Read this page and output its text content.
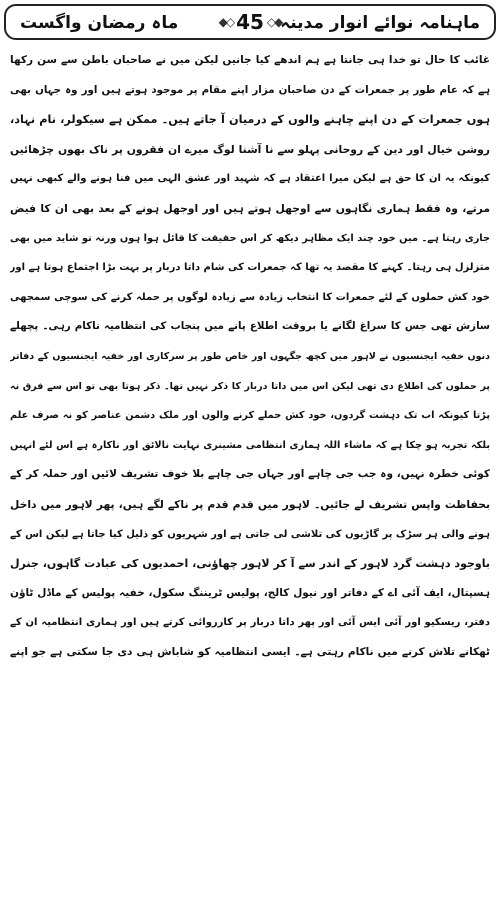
ماہ رمضان واگست	◆◇ 45 ◇◆
ماہنامہ نوائے انوار مدینہ
غائب کا حال تو خدا ہی جانتا ہے ہم اندھے کیا جانیں لیکن میں نے صاحبان باطن سے سن رکھا
ہے کہ عام طور پر جمعرات کے دن صاحبان مزار اپنے مقام پر موجود ہوتے ہیں اور وہ جہاں بھی
ہوں جمعرات کے دن اپنے چاہنے والوں کے درمیان آ جاتے ہیں۔ ممکن ہے سیکولر، نام نہاد،
روشن خیال اور دین کے روحانی پہلو سے نا آشنا لوگ میرے ان فقروں پر ناک بھوں چڑھائیں
کیونکہ یہ ان کا حق ہے لیکن میرا اعتقاد ہے کہ شہید اور عشق الہی میں فنا ہونے والے کبھی نہیں
مرتے، وہ فقط ہماری نگاہوں سے اوجھل ہوتے ہیں اور اوجھل ہونے کے بعد بھی ان کا فیض
جاری رہتا ہے۔ میں خود چند ایک مظاہر دیکھ کر اس حقیقت کا قائل ہوا ہوں ورنہ تو شاید میں بھی
متزلزل ہی رہتا۔ کہنے کا مقصد یہ تھا کہ جمعرات کی شام داتا دربار پر بہت بڑا اجتماع ہوتا ہے اور
خود کش حملوں کے لئے جمعرات کا انتخاب زیادہ سے زیادہ لوگوں پر حملہ کرنے کی سوچی سمجھی
سازش تھی جس کا سراغ لگانے یا بروقت اطلاع پانے میں پنجاب کی انتظامیہ ناکام رہی۔ پچھلے
دنوں خفیہ ایجنسیوں نے لاہور میں کچھ جگہوں اور خاص طور پر سرکاری اور خفیہ ایجنسیوں کے دفاتر
پر حملوں کی اطلاع دی تھی لیکن اس میں داتا دربار کا ذکر نہیں تھا۔ ذکر ہوتا بھی تو اس سے فرق نہ
پڑتا کیونکہ اب تک دہشت گردوں، خود کش حملے کرنے والوں اور ملک دشمن عناصر کو نہ صرف علم
بلکہ تجربہ ہو چکا ہے کہ ماشاء اللہ ہماری انتظامی مشینری نہایت نالائق اور ناکارہ ہے اس لئے انہیں
کوئی خطرہ نہیں، وہ جب جی چاہے اور جہاں جی چاہے بلا خوف تشریف لائیں اور حملہ کر کے
بحفاظت واپس تشریف لے جائیں۔ لاہور میں قدم قدم پر ناکے لگے ہیں، پھر لاہور میں داخل
ہونے والی ہر سڑک پر گاڑیوں کی تلاشی لی جاتی ہے اور شہریوں کو ذلیل کیا جاتا ہے لیکن اس کے
باوجود دہشت گرد لاہور کے اندر سے آ کر لاہور چھاؤنی، احمدیوں کی عبادت گاہوں، جنرل
ہسپتال، ایف آئی اے کے دفاتر اور نیول کالج، پولیس ٹریننگ سکول، خفیہ پولیس کے ماڈل ٹاؤن
دفتر، ریسکیو اور آئی ایس آئی اور پھر داتا دربار پر کارروائی کرتے ہیں اور ہماری انتظامیہ ان کے
ٹھکانے تلاش کرنے میں ناکام رہتی ہے۔ ایسی انتظامیہ کو شاباش ہی دی جا سکتی ہے جو اپنے
